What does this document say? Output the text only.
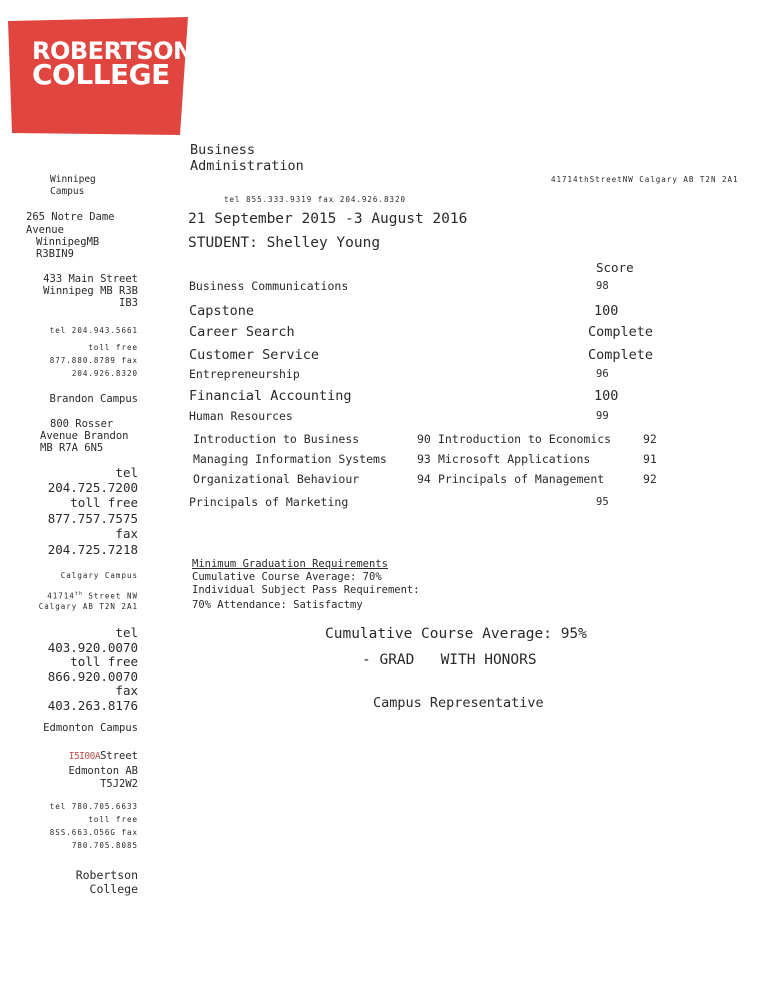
ROBERTSON
COLLEGE
Business
Administration
41714thStreetNW Calgary AB T2N 2A1
tel 855.333.9319 fax 204.926.8320
21 September 2015 -3 August 2016
STUDENT: Shelley Young
Score
Business Communications	98
Capstone	100
Career Search	Complete
Customer Service	Complete
Entrepreneurship	96
Financial Accounting	100
Human Resources	99
Introduction to Business	90 Introduction to Economics	92
Managing Information Systems	93 Microsoft Applications	91
Organizational Behaviour	94 Principals of Management	92
Principals of Marketing	95
Minimum Graduation Requirements
Cumulative Course Average: 70%
Individual Subject Pass Requirement:
70% Attendance: Satisfactmy
Cumulative Course Average: 95%
- GRAD   WITH HONORS
Campus Representative
Winnipeg
Campus
265 Notre Dame
Avenue
WinnipegMB
R3BIN9
433 Main Street
Winnipeg MB R3B
IB3
tel 204.943.5661
toll free
877.880.8789 fax
204.926.8320
Brandon Campus
800 Rosser
Avenue Brandon
MB R7A 6N5
tel
204.725.7200
toll free
877.757.7575
fax
204.725.7218
Calgary Campus
41714th Street NW
Calgary AB T2N 2A1
tel
403.920.0070
toll free
866.920.0070
fax
403.263.8176
Edmonton Campus
I5I00AStreet
Edmonton AB
T5J2W2
tel 780.705.6633
toll free
8SS.663.O56G fax
780.705.8085
Robertson
College
